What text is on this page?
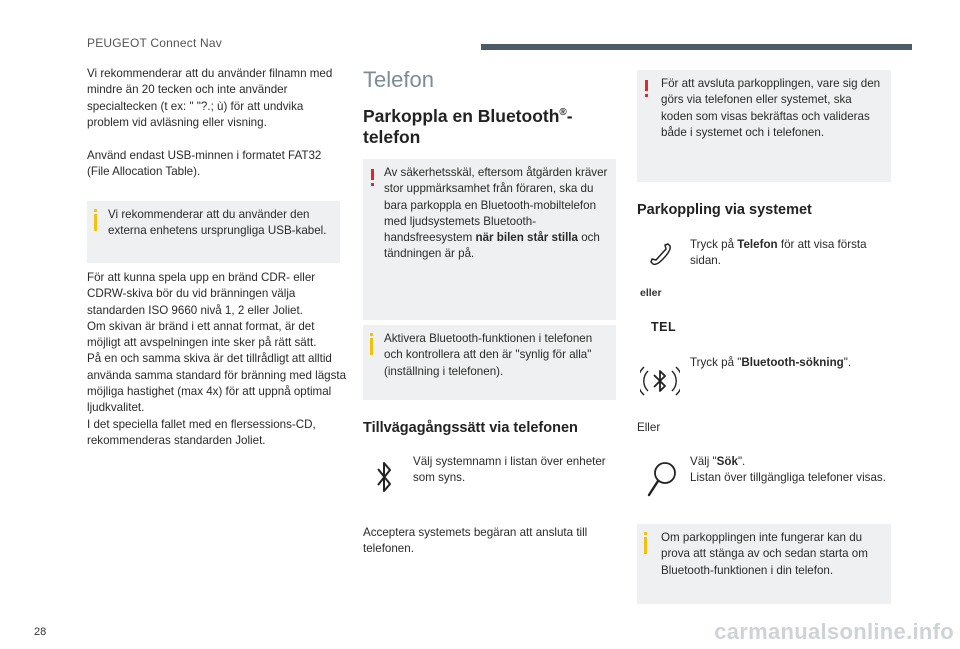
PEUGEOT Connect Nav
28
Vi rekommenderar att du använder filnamn med mindre än 20 tecken och inte använder specialtecken (t ex: " "?.; ù) för att undvika problem vid avläsning eller visning.
Använd endast USB-minnen i formatet FAT32 (File Allocation Table).
Vi rekommenderar att du använder den externa enhetens ursprungliga USB-kabel.
För att kunna spela upp en bränd CDR- eller CDRW-skiva bör du vid bränningen välja standarden ISO 9660 nivå 1, 2 eller Joliet.
Om skivan är bränd i ett annat format, är det möjligt att avspelningen inte sker på rätt sätt.
På en och samma skiva är det tillrådligt att alltid använda samma standard för bränning med lägsta möjliga hastighet (max 4x) för att uppnå optimal ljudkvalitet.
I det speciella fallet med en flersessions-CD, rekommenderas standarden Joliet.
Telefon
Parkoppla en Bluetooth®-
telefon
Av säkerhetsskäl, eftersom åtgärden kräver stor uppmärksamhet från föraren, ska du bara parkoppla en Bluetooth-mobiltelefon med ljudsystemets Bluetooth-handsfreesystem när bilen står stilla och tändningen är på.
Aktivera Bluetooth-funktionen i telefonen och kontrollera att den är "synlig för alla" (inställning i telefonen).
Tillvägagångssätt via telefonen
Välj systemnamn i listan över enheter som syns.
Acceptera systemets begäran att ansluta till telefonen.
För att avsluta parkopplingen, vare sig den görs via telefonen eller systemet, ska koden som visas bekräftas och valideras både i systemet och i telefonen.
Parkoppling via systemet
Tryck på Telefon för att visa första sidan.
eller
TEL
Tryck på "Bluetooth-sökning".
Eller
Välj "Sök".
Listan över tillgängliga telefoner visas.
Om parkopplingen inte fungerar kan du prova att stänga av och sedan starta om Bluetooth-funktionen i din telefon.
carmanualsonline.info
